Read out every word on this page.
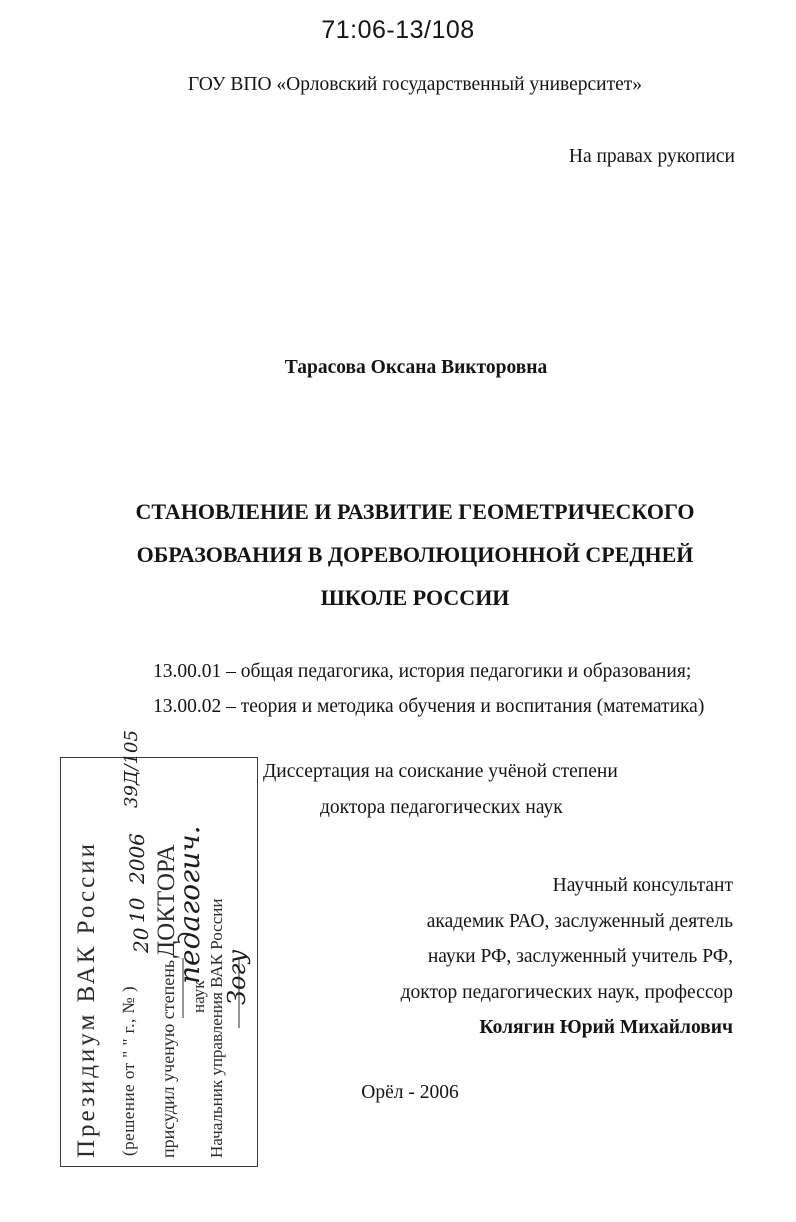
71:06-13/108
ГОУ ВПО «Орловский государственный университет»
На правах рукописи
Тарасова Оксана Викторовна
СТАНОВЛЕНИЕ И РАЗВИТИЕ ГЕОМЕТРИЧЕСКОГО
ОБРАЗОВАНИЯ В ДОРЕВОЛЮЦИОННОЙ СРЕДНЕЙ
ШКОЛЕ РОССИИ
13.00.01 – общая педагогика, история педагогики и образования;
13.00.02 – теория и методика обучения и воспитания (математика)
Диссертация на соискание учёной степени
доктора педагогических наук
Научный консультант
академик РАО, заслуженный деятель
науки РФ, заслуженный учитель РФ,
доктор педагогических наук, профессор
Колягин Юрий Михайлович
Орёл - 2006
Президиум ВАК России (решение от " " г., № ) присудил ученую степеньДОКТОРА
наук Начальник управления ВАК России
20
10
2006
39Д/105
педагогич. Зогу
